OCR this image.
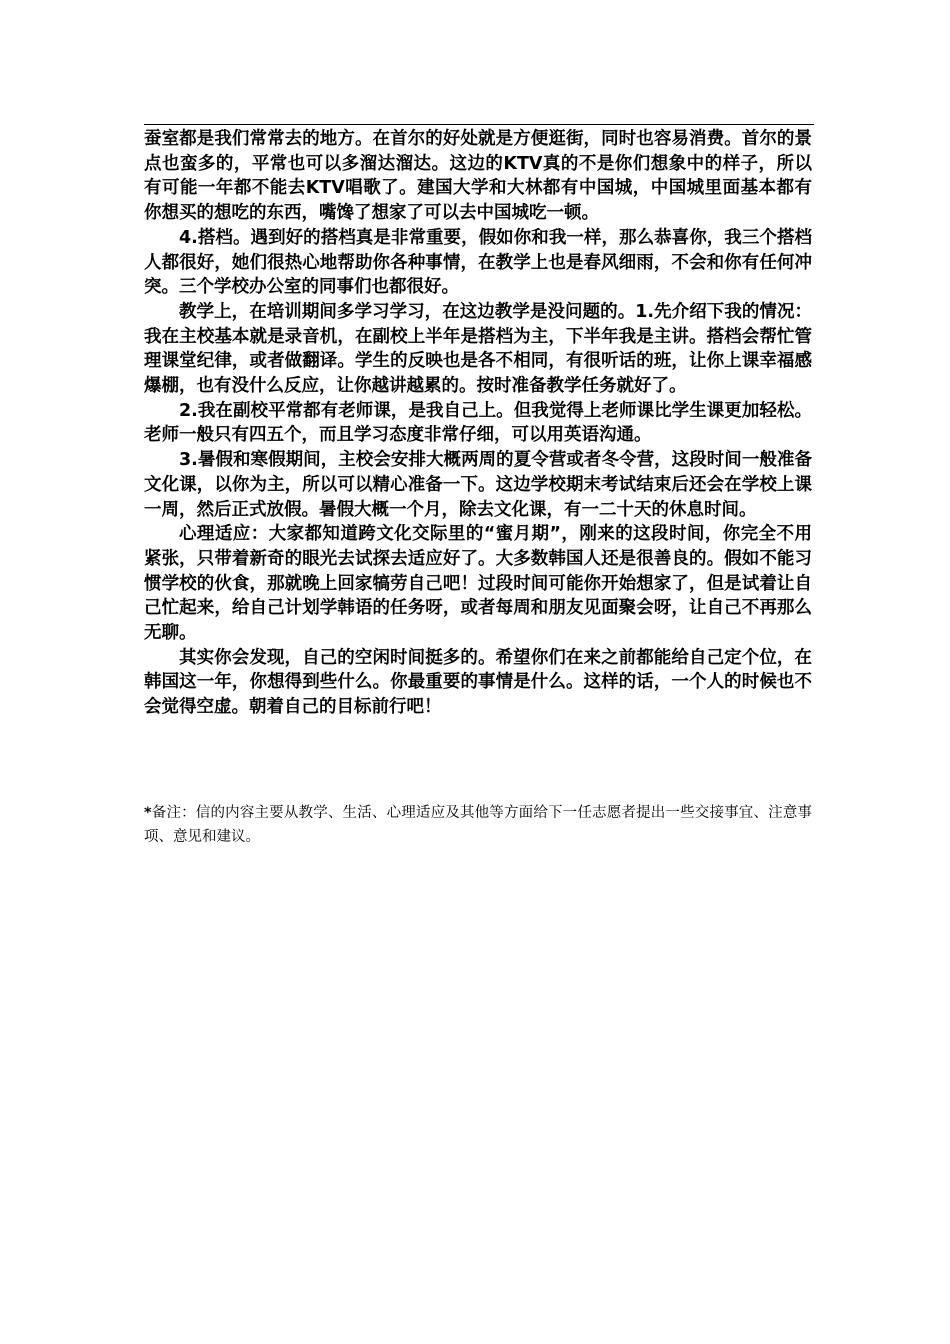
蚕室都是我们常常去的地方。在首尔的好处就是方便逛街，同时也容易消费。首尔的景点也蛮多的，平常也可以多溜达溜达。这边的KTV真的不是你们想象中的样子，所以有可能一年都不能去KTV唱歌了。建国大学和大林都有中国城，中国城里面基本都有你想买的想吃的东西，嘴馋了想家了可以去中国城吃一顿。

4.搭档。遇到好的搭档真是非常重要，假如你和我一样，那么恭喜你，我三个搭档人都很好，她们很热心地帮助你各种事情，在教学上也是春风细雨，不会和你有任何冲突。三个学校办公室的同事们也都很好。

教学上，在培训期间多学习学习，在这边教学是没问题的。1.先介绍下我的情况：我在主校基本就是录音机，在副校上半年是搭档为主，下半年我是主讲。搭档会帮忙管理课堂纪律，或者做翻译。学生的反映也是各不相同，有很听话的班，让你上课幸福感爆棚，也有没什么反应，让你越讲越累的。按时准备教学任务就好了。

2.我在副校平常都有老师课，是我自己上。但我觉得上老师课比学生课更加轻松。老师一般只有四五个，而且学习态度非常仔细，可以用英语沟通。

3.暑假和寒假期间，主校会安排大概两周的夏令营或者冬令营，这段时间一般准备文化课，以你为主，所以可以精心准备一下。这边学校期末考试结束后还会在学校上课一周，然后正式放假。暑假大概一个月，除去文化课，有一二十天的休息时间。

心理适应：大家都知道跨文化交际里的“蜜月期”，刚来的这段时间，你完全不用紧张，只带着新奇的眼光去试探去适应好了。大多数韩国人还是很善良的。假如不能习惯学校的伙食，那就晚上回家犒劳自己吧！过段时间可能你开始想家了，但是试着让自己忙起来，给自己计划学韩语的任务呀，或者每周和朋友见面聚会呀，让自己不再那么无聊。

其实你会发现，自己的空闲时间挺多的。希望你们在来之前都能给自己定个位，在韩国这一年，你想得到些什么。你最重要的事情是什么。这样的话，一个人的时候也不会觉得空虚。朝着自己的目标前行吧！

*备注：信的内容主要从教学、生活、心理适应及其他等方面给下一任志愿者提出一些交接事宜、注意事项、意见和建议。
